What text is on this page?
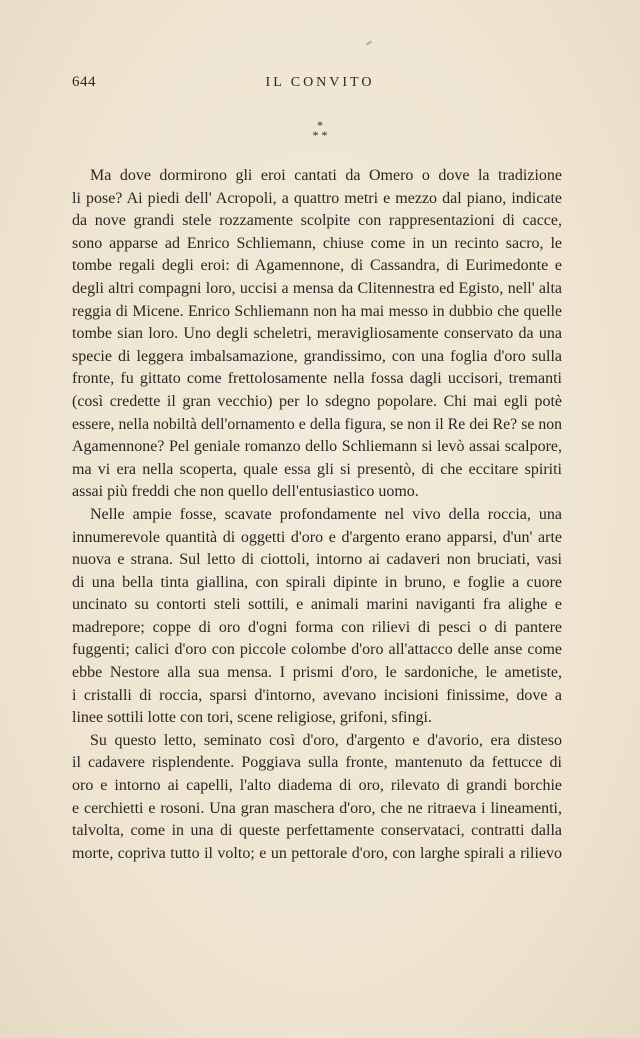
644	IL CONVITO
*
* *
Ma dove dormirono gli eroi cantati da Omero o dove la tradizione
li pose? Ai piedi dell' Acropoli, a quattro metri e mezzo dal piano, indicate
da nove grandi stele rozzamente scolpite con rappresentazioni di cacce,
sono apparse ad Enrico Schliemann, chiuse come in un recinto sacro, le
tombe regali degli eroi: di Agamennone, di Cassandra, di Eurimedonte e
degli altri compagni loro, uccisi a mensa da Clitennestra ed Egisto, nell' alta
reggia di Micene. Enrico Schliemann non ha mai messo in dubbio che quelle
tombe sian loro. Uno degli scheletri, meravigliosamente conservato da una
specie di leggera imbalsamazione, grandissimo, con una foglia d'oro sulla
fronte, fu gittato come frettolosamente nella fossa dagli uccisori, tremanti
(così credette il gran vecchio) per lo sdegno popolare. Chi mai egli potè
essere, nella nobiltà dell'ornamento e della figura, se non il Re dei Re? se non
Agamennone? Pel geniale romanzo dello Schliemann si levò assai scalpore,
ma vi era nella scoperta, quale essa gli si presentò, di che eccitare spiriti
assai più freddi che non quello dell'entusiastico uomo.
Nelle ampie fosse, scavate profondamente nel vivo della roccia, una
innumerevole quantità di oggetti d'oro e d'argento erano apparsi, d'un' arte
nuova e strana. Sul letto di ciottoli, intorno ai cadaveri non bruciati, vasi
di una bella tinta giallina, con spirali dipinte in bruno, e foglie a cuore
uncinato su contorti steli sottili, e animali marini naviganti fra alighe e
madrepore; coppe di oro d'ogni forma con rilievi di pesci o di pantere
fuggenti; calici d'oro con piccole colombe d'oro all'attacco delle anse come
ebbe Nestore alla sua mensa. I prismi d'oro, le sardoniche, le ametiste,
i cristalli di roccia, sparsi d'intorno, avevano incisioni finissime, dove a
linee sottili lotte con tori, scene religiose, grifoni, sfingi.
Su questo letto, seminato così d'oro, d'argento e d'avorio, era disteso
il cadavere risplendente. Poggiava sulla fronte, mantenuto da fettucce di
oro e intorno ai capelli, l'alto diadema di oro, rilevato di grandi borchie
e cerchietti e rosoni. Una gran maschera d'oro, che ne ritraeva i lineamenti,
talvolta, come in una di queste perfettamente conservataci, contratti dalla
morte, copriva tutto il volto; e un pettorale d'oro, con larghe spirali a rilievo
